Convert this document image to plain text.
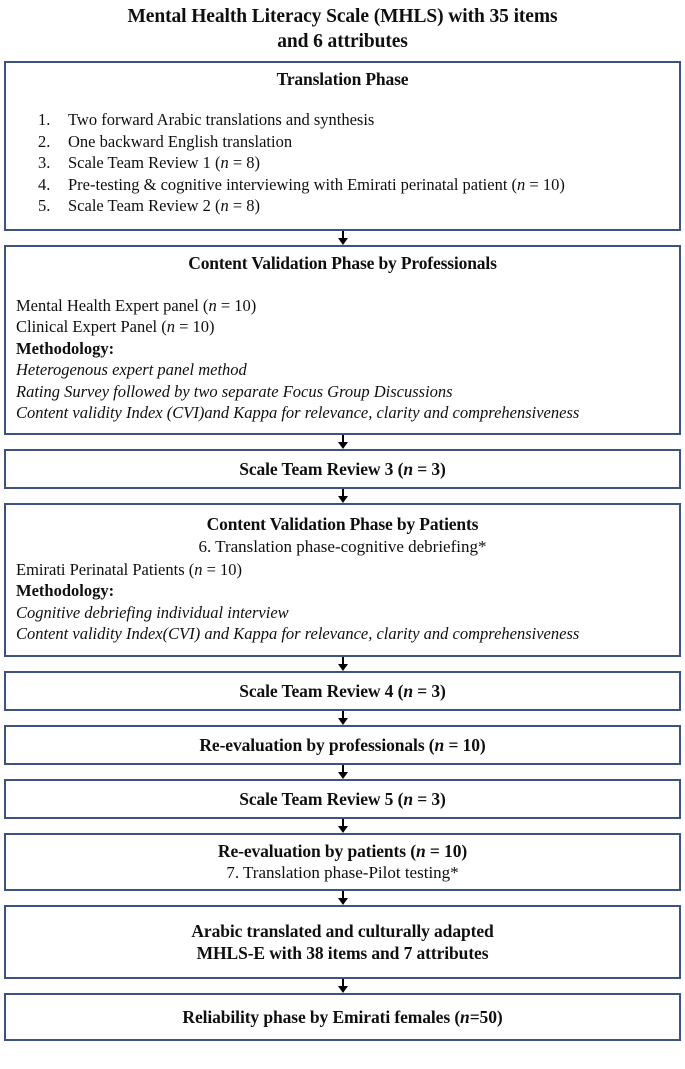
Mental Health Literacy Scale (MHLS) with 35 items
and 6 attributes
Translation Phase
Two forward Arabic translations and synthesis
One backward English translation
Scale Team Review 1 (n = 8)
Pre-testing & cognitive interviewing with Emirati perinatal patient (n = 10)
Scale Team Review 2 (n = 8)
Content Validation Phase by Professionals
Mental Health Expert panel (n = 10)
Clinical Expert Panel (n = 10)
Methodology:
Heterogenous expert panel method
Rating Survey followed by two separate Focus Group Discussions
Content validity Index (CVI)and Kappa for relevance, clarity and comprehensiveness
Scale Team Review 3 (n = 3)
Content Validation Phase by Patients
6. Translation phase-cognitive debriefing*
Emirati Perinatal Patients (n = 10)
Methodology:
Cognitive debriefing individual interview
Content validity Index(CVI) and Kappa for relevance, clarity and comprehensiveness
Scale Team Review 4 (n = 3)
Re-evaluation by professionals (n = 10)
Scale Team Review 5 (n = 3)
Re-evaluation by patients (n = 10)
7. Translation phase-Pilot testing*
Arabic translated and culturally adapted
MHLS-E with 38 items and 7 attributes
Reliability phase by Emirati females (n=50)
